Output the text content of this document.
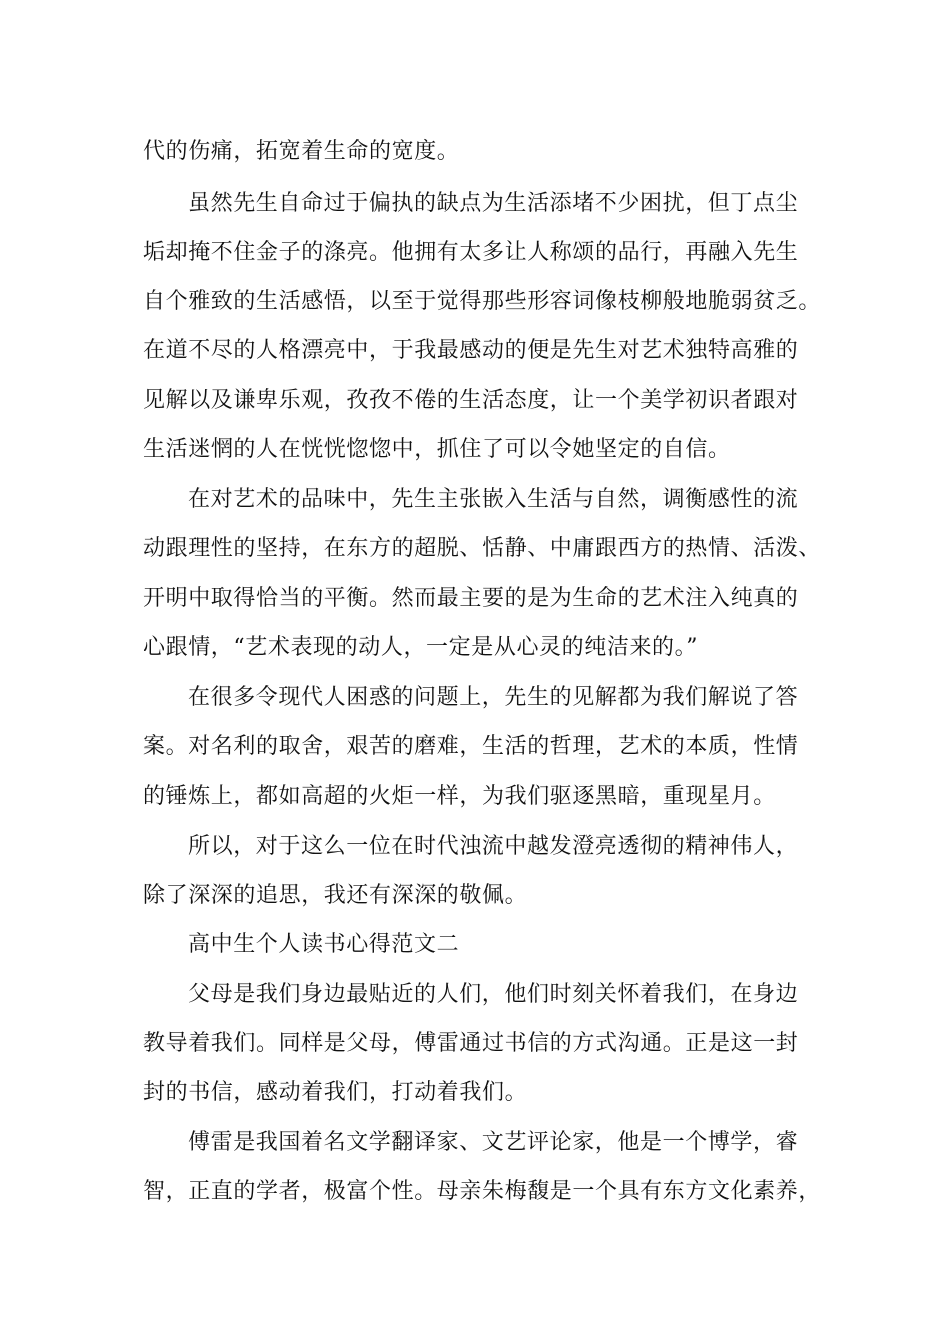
代的伤痛，拓宽着生命的宽度。
虽然先生自命过于偏执的缺点为生活添堵不少困扰，但丁点尘
垢却掩不住金子的涤亮。他拥有太多让人称颂的品行，再融入先生
自个雅致的生活感悟，以至于觉得那些形容词像枝柳般地脆弱贫乏。
在道不尽的人格漂亮中，于我最感动的便是先生对艺术独特高雅的
见解以及谦卑乐观，孜孜不倦的生活态度，让一个美学初识者跟对
生活迷惘的人在恍恍惚惚中，抓住了可以令她坚定的自信。
在对艺术的品味中，先生主张嵌入生活与自然，调衡感性的流
动跟理性的坚持，在东方的超脱、恬静、中庸跟西方的热情、活泼、
开明中取得恰当的平衡。然而最主要的是为生命的艺术注入纯真的
心跟情，“艺术表现的动人，一定是从心灵的纯洁来的。”
在很多令现代人困惑的问题上，先生的见解都为我们解说了答
案。对名利的取舍，艰苦的磨难，生活的哲理，艺术的本质，性情
的锤炼上，都如高超的火炬一样，为我们驱逐黑暗，重现星月。
所以，对于这么一位在时代浊流中越发澄亮透彻的精神伟人，
除了深深的追思，我还有深深的敬佩。
高中生个人读书心得范文二
父母是我们身边最贴近的人们，他们时刻关怀着我们，在身边
教导着我们。同样是父母，傅雷通过书信的方式沟通。正是这一封
封的书信，感动着我们，打动着我们。
傅雷是我国着名文学翻译家、文艺评论家，他是一个博学，睿
智，正直的学者，极富个性。母亲朱梅馥是一个具有东方文化素养，
